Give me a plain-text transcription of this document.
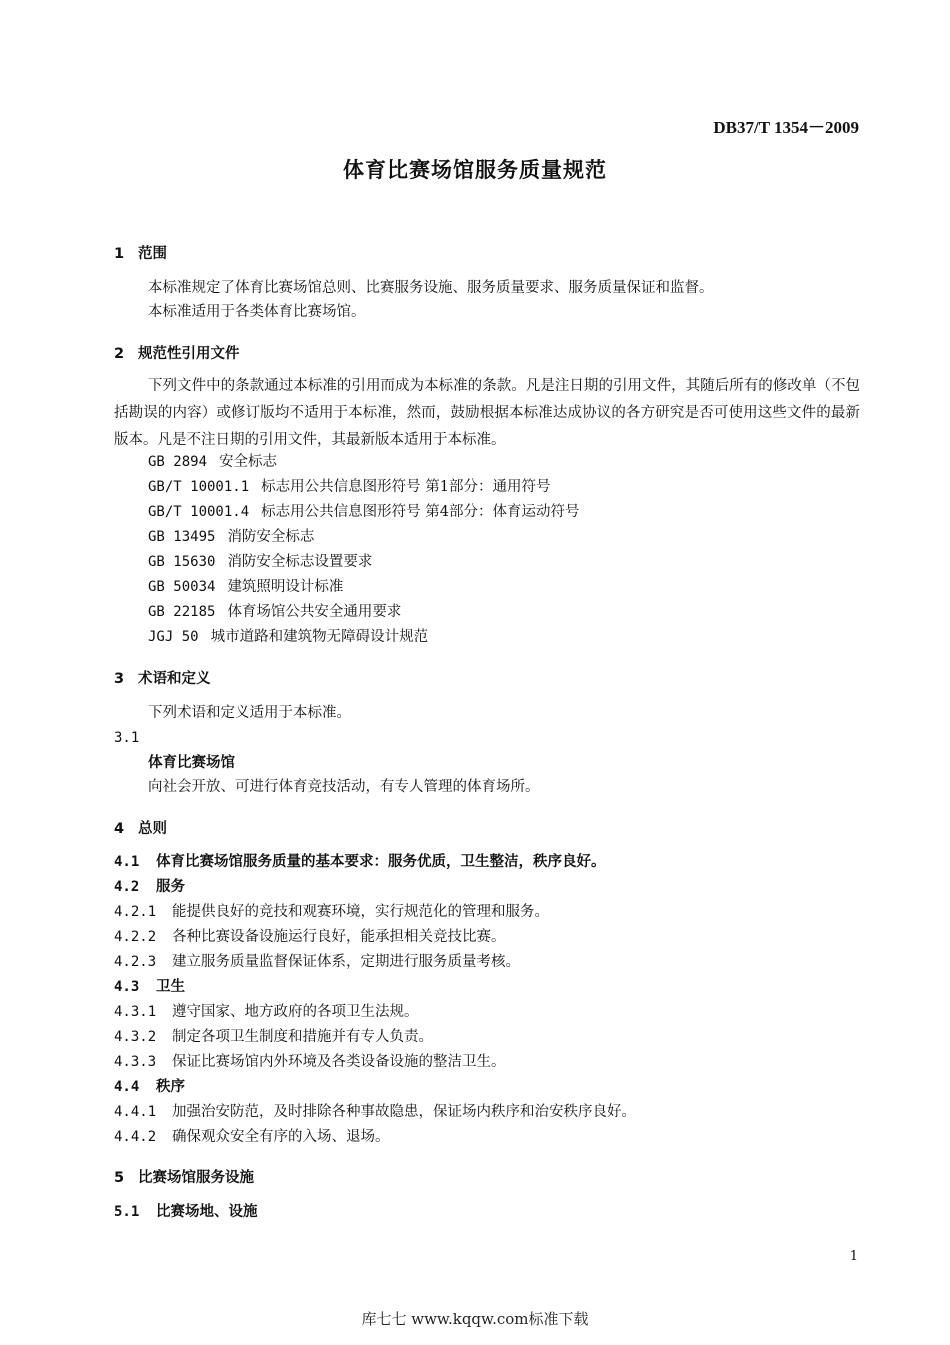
DB37/T 1354－2009
体育比赛场馆服务质量规范
1 范围
本标准规定了体育比赛场馆总则、比赛服务设施、服务质量要求、服务质量保证和监督。
本标准适用于各类体育比赛场馆。
2 规范性引用文件
下列文件中的条款通过本标准的引用而成为本标准的条款。凡是注日期的引用文件，其随后所有的修改单（不包括勘误的内容）或修订版均不适用于本标准，然而，鼓励根据本标准达成协议的各方研究是否可使用这些文件的最新版本。凡是不注日期的引用文件，其最新版本适用于本标准。
GB 2894 安全标志
GB/T 10001.1 标志用公共信息图形符号 第1部分：通用符号
GB/T 10001.4 标志用公共信息图形符号 第4部分：体育运动符号
GB 13495 消防安全标志
GB 15630 消防安全标志设置要求
GB 50034 建筑照明设计标准
GB 22185 体育场馆公共安全通用要求
JGJ 50 城市道路和建筑物无障碍设计规范
3 术语和定义
下列术语和定义适用于本标准。
3.1
体育比赛场馆
向社会开放、可进行体育竞技活动，有专人管理的体育场所。
4 总则
4.1 体育比赛场馆服务质量的基本要求：服务优质，卫生整洁，秩序良好。
4.2 服务
4.2.1 能提供良好的竞技和观赛环境，实行规范化的管理和服务。
4.2.2 各种比赛设备设施运行良好，能承担相关竞技比赛。
4.2.3 建立服务质量监督保证体系，定期进行服务质量考核。
4.3 卫生
4.3.1 遵守国家、地方政府的各项卫生法规。
4.3.2 制定各项卫生制度和措施并有专人负责。
4.3.3 保证比赛场馆内外环境及各类设备设施的整洁卫生。
4.4 秩序
4.4.1 加强治安防范，及时排除各种事故隐患，保证场内秩序和治安秩序良好。
4.4.2 确保观众安全有序的入场、退场。
5 比赛场馆服务设施
5.1 比赛场地、设施
1
库七七 www.kqqw.com标准下载
